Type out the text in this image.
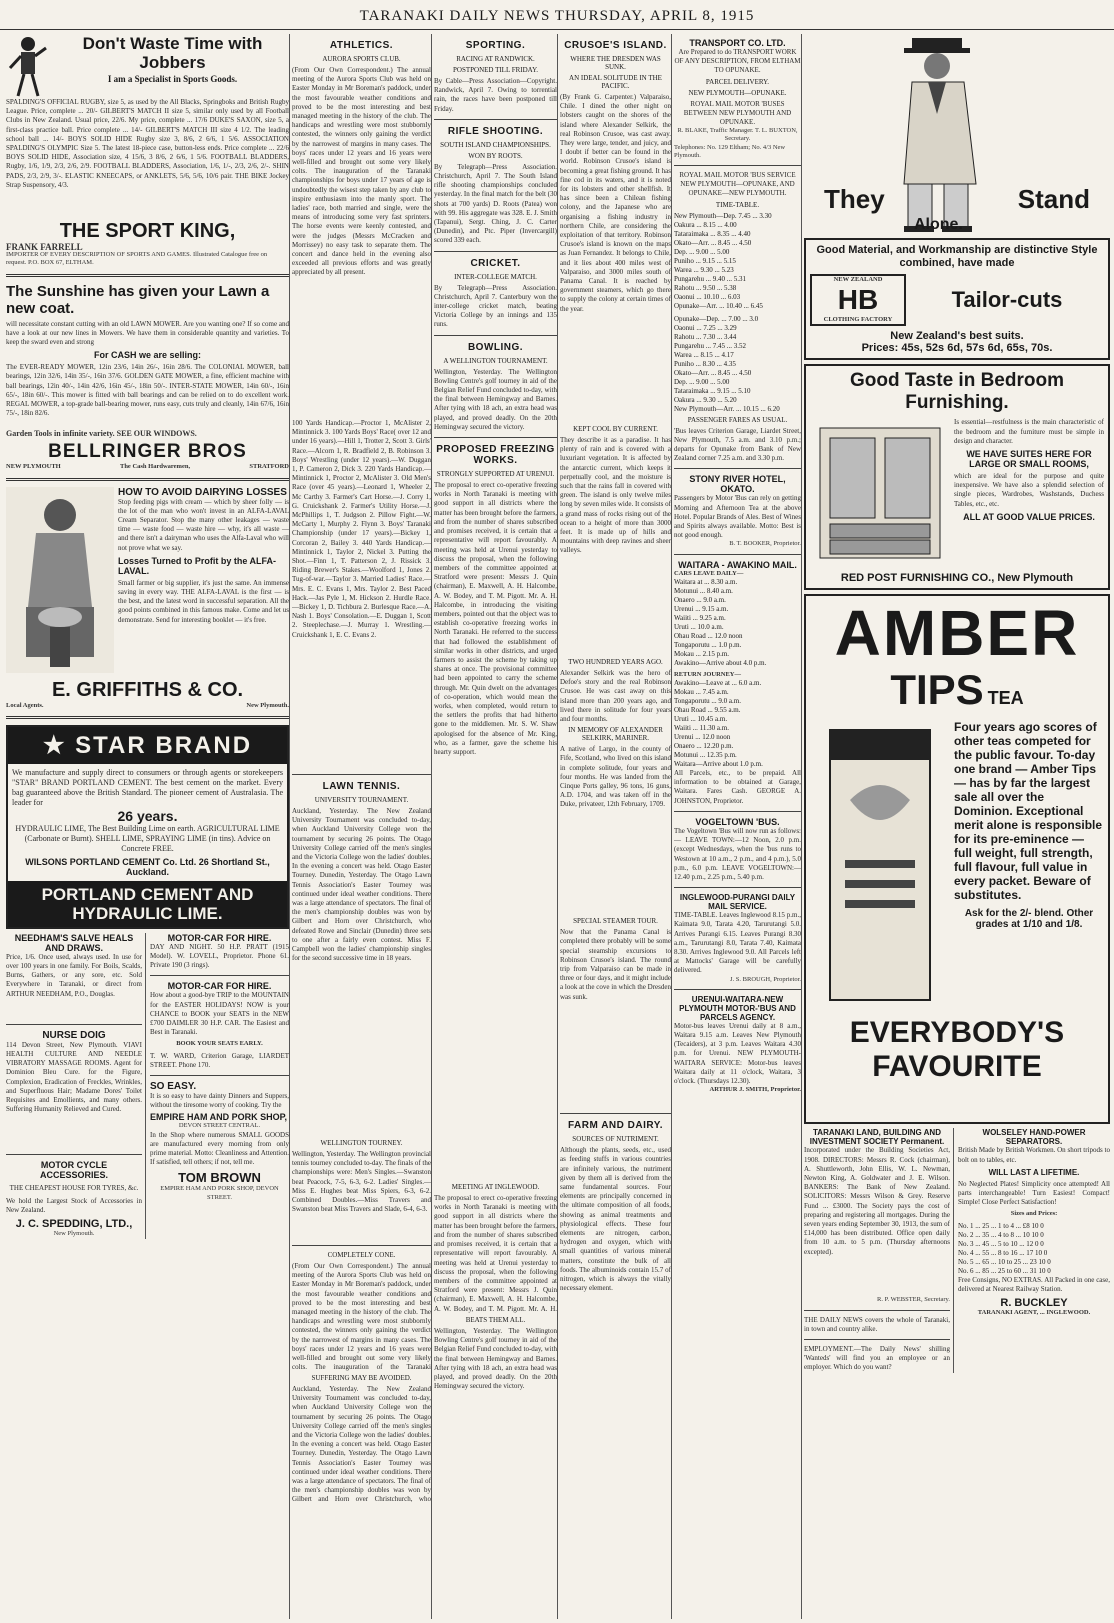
TARANAKI DAILY NEWS THURSDAY, APRIL 8, 1915
Don't Waste Time with Jobbers
I am a Specialist in Sports Goods.
SPALDING'S OFFICIAL RUGBY, size 5, as used by the All Blacks, Springboks and British Rugby League. Price, complete ... 20/- GILBERT'S MATCH II size 5, similar only used by all Football Clubs in New Zealand. Usual price, 22/6. My price, complete ... 17/6 DUKE'S SAXON, size 5, a first-class practice ball. Price complete ... 14/- GILBERT'S MATCH III size 4 1/2. The leading school ball ... 14/- BOYS SOLID HIDE Rugby size 3, 8/6, 2 6/6, 1 5/6. ASSOCIATION SPALDING'S OLYMPIC Size 5. The latest 18-piece case, button-less ends. Price complete ... 22/6 BOYS SOLID HIDE, Association size, 4 15/6, 3 8/6, 2 6/6, 1 5/6. FOOTBALL BLADDERS, Rugby, 1/6, 1/9, 2/3, 2/6, 2/9. FOOTBALL BLADDERS, Association, 1/6, 1/-, 2/3, 2/6, 2/-. SHIN PADS, 2/3, 2/9, 3/-. ELASTIC KNEECAPS, or ANKLETS, 5/6, 5/6, 10/6 pair. THE BIKE Jockey Strap Suspensory, 4/3.
THE SPORT KING,
FRANK FARRELL
IMPORTER OF EVERY DESCRIPTION OF SPORTS AND GAMES. Illustrated Catalogue free on request. P.O. BOX 67, ELTHAM.
The Sunshine has given your Lawn a new coat.
will necessitate constant cutting with an old LAWN MOWER. Are you wanting one? If so come and have a look at our new lines in Mowers. We have them in considerable quantity and varieties. To keep the sward even and strong
For CASH we are selling:
The EVER-READY MOWER, 12in 23/6, 14in 26/-, 16in 28/6. The COLONIAL MOWER, ball bearings, 12in 32/6, 14in 35/-, 16in 37/6. GOLDEN GATE MOWER, a fine, efficient machine with ball bearings, 12in 40/-, 14in 42/6, 16in 45/-, 18in 50/-. INTER-STATE MOWER, 14in 60/-, 16in 65/-, 18in 60/-. This mower is fitted with ball bearings and can be relied on to do excellent work. REGAL MOWER, a top-grade ball-bearing mower, runs easy, cuts truly and cleanly, 14in 67/6, 16in 75/-, 18in 82/6.
Garden Tools in infinite variety. SEE OUR WINDOWS.
BELLRINGER BROS
NEW PLYMOUTH	The Cash Hardwaremen,	STRATFORD
HOW TO AVOID DAIRYING LOSSES
Stop feeding pigs with cream — which by sheer folly — is the lot of the man who won't invest in an ALFA-LAVAL Cream Separator. Stop the many other leakages — waste time — waste food — waste hire — why, it's all waste — and there isn't a dairyman who uses the Alfa-Laval who will not prove what we say.
Losses Turned to Profit by the ALFA-LAVAL.
Small farmer or big supplier, it's just the same. An immense saving in every way. THE ALFA-LAVAL is the first — is the best, and the latest word in successful separation. All the good points combined in this famous make. Come and let us demonstrate. Send for interesting booklet — it's free.
E. GRIFFITHS & CO.
Local Agents.	New Plymouth.
★ STAR BRAND
We manufacture and supply direct to consumers or through agents or storekeepers "STAR" BRAND PORTLAND CEMENT. The best cement on the market. Every bag guaranteed above the British Standard. The pioneer cement of Australasia. The leader for
26 years.
HYDRAULIC LIME, The Best Building Lime on earth. AGRICULTURAL LIME (Carbonate or Burnt). SHELL LIME, SPRAYING LIME (in tins). Advice on Concrete FREE.
WILSONS PORTLAND CEMENT Co. Ltd. 26 Shortland St., Auckland.
PORTLAND CEMENT AND HYDRAULIC LIME.
NEEDHAM'S SALVE HEALS AND DRAWS.
Price, 1/6. Once used, always used. In use for over 100 years in one family. For Boils, Scalds, Burns, Gathers, or any sore, etc. Sold Everywhere in Taranaki, or direct from ARTHUR NEEDHAM, P.O., Douglas.
NURSE DOIG
114 Devon Street, New Plymouth. VIAVI HEALTH CULTURE AND NEEDLE VIBRATORY MASSAGE ROOMS. Agent for Dominion Bleu Cure. for the Figure, Complexion, Eradication of Freckles, Wrinkles, and Superfluous Hair; Madame Dores' Toilet Requisites and Emollients, and many others. Suffering Humanity Relieved and Cured.
MOTOR CYCLE ACCESSORIES.
THE CHEAPEST HOUSE FOR TYRES, &c.
We hold the Largest Stock of Accessories in New Zealand.
J. C. SPEDDING, LTD.,
New Plymouth.
MOTOR-CAR FOR HIRE.
DAY AND NIGHT. 50 H.P. PRATT (1915 Model). W. LOVELL, Proprietor. Phone 61. Private 190 (3 rings).
MOTOR-CAR FOR HIRE.
How about a good-bye TRIP to the MOUNTAIN for the EASTER HOLIDAYS! NOW is your CHANCE to BOOK your SEATS in the NEW £700 DAIMLER 30 H.P. CAR. The Easiest and Best in Taranaki.
BOOK YOUR SEATS EARLY.
T. W. WARD, Criterion Garage, LIARDET STREET. Phone 170.
SO EASY.
It is so easy to have dainty Dinners and Suppers, without the tiresome worry of cooking. Try the
EMPIRE HAM AND PORK SHOP,
DEVON STREET CENTRAL.
In the Shop where numerous SMALL GOODS are manufactured every morning from only prime material. Motto: Cleanliness and Attention. If satisfied, tell others; if not, tell me.
TOM BROWN
EMPIRE HAM AND PORK SHOP, DEVON STREET.
ATHLETICS.
AURORA SPORTS CLUB.
(From Our Own Correspondent.) The annual meeting of the Aurora Sports Club was held on Easter Monday in Mr Boreman's paddock, under the most favourable weather conditions and proved to be the most interesting and best managed meeting in the history of the club. The handicaps and wrestling were most stubbornly contested, the winners only gaining the verdict by the narrowest of margins in many cases. The boys' races under 12 years and 16 years were well-filled and brought out some very likely colts. The inauguration of the Taranaki championships for boys under 17 years of age is undoubtedly the wisest step taken by any club to inspire enthusiasm into the manly sport. The ladies' race, both married and single, were the means of introducing some very fast sprinters. The horse events were keenly contested, and were the judges (Messrs McCracken and Morrissey) no easy task to separate them. The concert and dance held in the evening also exceeded all previous efforts and was greatly appreciated by all present.
100 Yards Handicap.—Proctor 1, McAlister 2, Mintinnick 3. 100 Yards Boys' Race( over 12 and under 16 years).—Hill 1, Trotter 2, Scott 3. Girls' Race.—Alcorn 1, R. Bradfield 2, B. Robinson 3. Boys' Wrestling (under 12 years).—W. Duggan 1, P. Cameron 2, Dick 3. 220 Yards Handicap.—Mintinnick 1, Proctor 2, McAlister 3. Old Men's Race (over 45 years).—Leonard 1, Wheeler 2, Mc Carthy 3. Farmer's Cart Horse.—J. Corry 1, G. Cruickshank 2. Farmer's Utility Horse.—J. McPhillips 1, T. Judgson 2. Pillow Fight.—W. McCarty 1, Murphy 2. Flynn 3. Boys' Taranaki Championship (under 17 years).—Bickey 1, Corcoran 2, Bailey 3. 440 Yards Handicap.—Mintinnick 1, Taylor 2, Nickel 3. Putting the Shot.—Finn 1, T. Patterson 2, J. Rissick 3. Riding Brewer's Stakes.—Woolford 1, Jones 2. Tug-of-war.—Taylor 3. Married Ladies' Race.—Mrs. E. C. Evans 1, Mrs. Taylor 2. Best Paced Hack.—Jas Pyle 1, M. Hickson 2. Hurdle Race.—Bickey 1, D. Tichbura 2. Burlesque Race.—A. Nash 1. Boys' Consolation.—E. Duggan 1, Scott 2. Steeplechase.—J. Murray 1. Wrestling.—Cruickshank 1, E. C. Evans 2.
LAWN TENNIS.
UNIVERSITY TOURNAMENT.
Auckland, Yesterday. The New Zealand University Tournament was concluded to-day, when Auckland University College won the tournament by securing 26 points. The Otago University College carried off the men's singles and the Victoria College won the ladies' doubles. In the evening a concert was held. Otago Easter Tourney. Dunedin, Yesterday. The Otago Lawn Tennis Association's Easter Tourney was continued under ideal weather conditions. There was a large attendance of spectators. The final of the men's championship doubles was won by Gilbert and Horn over Christchurch, who defeated Rowe and Sinclair (Dunedin) three sets to one after a fairly even contest. Miss F. Campbell won the ladies' championship singles for the second successive time in 18 years.
WELLINGTON TOURNEY.
Wellington, Yesterday. The Wellington provincial tennis tourney concluded to-day. The finals of the championships were: Men's Singles.—Swanston beat Peacock, 7-5, 6-3, 6-2. Ladies' Singles.—Miss E. Hughes beat Miss Spiers, 6-3, 6-2. Combined Doubles.—Miss Travers and Swanston beat Miss Travers and Slade, 6-4, 6-3.
COMPLETELY CONE.
(From Our Own Correspondent.) The annual meeting of the Aurora Sports Club was held on Easter Monday in Mr Boreman's paddock, under the most favourable weather conditions and proved to be the most interesting and best managed meeting in the history of the club. The handicaps and wrestling were most stubbornly contested, the winners only gaining the verdict by the narrowest of margins in many cases. The boys' races under 12 years and 16 years were well-filled and brought out some very likely colts. The inauguration of the Taranaki
SUFFERING MAY BE AVOIDED.
Auckland, Yesterday. The New Zealand University Tournament was concluded to-day, when Auckland University College won the tournament by securing 26 points. The Otago University College carried off the men's singles and the Victoria College won the ladies' doubles. In the evening a concert was held. Otago Easter Tourney. Dunedin, Yesterday. The Otago Lawn Tennis Association's Easter Tourney was continued under ideal weather conditions. There was a large attendance of spectators. The final of the men's championship doubles was won by Gilbert and Horn over Christchurch, who
SPORTING.
RACING AT RANDWICK.
POSTPONED TILL FRIDAY.
By Cable—Press Association—Copyright. Randwick, April 7. Owing to torrential rain, the races have been postponed till Friday.
RIFLE SHOOTING.
SOUTH ISLAND CHAMPIONSHIPS.
WON BY ROOTS.
By Telegraph—Press Association. Christchurch, April 7. The South Island rifle shooting championships concluded yesterday. In the final match for the belt (30 shots at 700 yards) D. Roots (Patea) won with 99. His aggregate was 328. E. J. Smith (Tapanui), Sergt. Ching, J. C. Carter (Dunedin), and Ptc. Piper (Invercargill) scored 339 each.
CRICKET.
INTER-COLLEGE MATCH.
By Telegraph—Press Association. Christchurch, April 7. Canterbury won the inter-college cricket match, beating Victoria College by an innings and 135 runs.
BOWLING.
A WELLINGTON TOURNAMENT.
Wellington, Yesterday. The Wellington Bowling Centre's golf tourney in aid of the Belgian Relief Fund concluded to-day, with the final between Hemingway and Barnes. After tying with 18 ach, an extra head was played, and proved deadly. On the 20th Hemingway secured the victory.
PROPOSED FREEZING WORKS.
STRONGLY SUPPORTED AT URENUI.
The proposal to erect co-operative freezing works in North Taranaki is meeting with good support in all districts where the matter has been brought before the farmers, and from the number of shares subscribed and promises received, it is certain that a representative will report favourably. A meeting was held at Urenui yesterday to discuss the proposal, when the following members of the committee appointed at Stratford were present: Messrs J. Quin (chairman), E. Maxwell, A. H. Halcombe, A. W. Bodey, and T. M. Pigott. Mr. A. H. Halcombe, in introducing the visiting members, pointed out that the object was to establish co-operative freezing works in North Taranaki. He referred to the success that had followed the establishment of similar works in other districts, and urged farmers to assist the scheme by taking up shares at once. The provisional committee had been appointed to carry the scheme through. Mr. Quin dwelt on the advantages of co-operation, which would mean the works, when completed, would return to the settlers the profits that had hitherto gone to the middlemen. Mr. S. W. Shaw apologised for the absence of Mr. King, who, as a farmer, gave the scheme his hearty support.
MEETING AT INGLEWOOD.
The proposal to erect co-operative freezing works in North Taranaki is meeting with good support in all districts where the matter has been brought before the farmers, and from the number of shares subscribed and promises received, it is certain that a representative will report favourably. A meeting was held at Urenui yesterday to discuss the proposal, when the following members of the committee appointed at Stratford were present: Messrs J. Quin (chairman), E. Maxwell, A. H. Halcombe, A. W. Bodey, and T. M. Pigott. Mr. A. H.
BEATS THEM ALL.
Wellington, Yesterday. The Wellington Bowling Centre's golf tourney in aid of the Belgian Relief Fund concluded to-day, with the final between Hemingway and Barnes. After tying with 18 ach, an extra head was played, and proved deadly. On the 20th Hemingway secured the victory.
CRUSOE'S ISLAND.
WHERE THE DRESDEN WAS SUNK.
AN IDEAL SOLITUDE IN THE PACIFIC.
(By Frank G. Carpenter.) Valparaiso, Chile. I dined the other night on lobsters caught on the shores of the island where Alexander Selkirk, the real Robinson Crusoe, was cast away. They were large, tender, and juicy, and I doubt if better can be found in the world. Robinson Crusoe's island is becoming a great fishing ground. It has fine cod in its waters, and it is noted for its lobsters and other shellfish. It has since been a Chilean fishing colony, and the Japanese who are organising a fishing industry in northern Chile, are considering the exploitation of that territory. Robinson Crusoe's island is known on the maps as Juan Fernandez. It belongs to Chile, and it lies about 400 miles west of Valparaiso, and 3000 miles south of Panama Canal. It is reached by government steamers, which go there to supply the colony at certain times of the year.
KEPT COOL BY CURRENT.
They describe it as a paradise. It has plenty of rain and is covered with a luxuriant vegetation. It is affected by the antarctic current, which keeps it perpetually cool, and the moisture is such that the rains fall in covered with green. The island is only twelve miles long by seven miles wide. It consists of a grand mass of rocks rising out of the ocean to a height of more than 3000 feet. It is made up of hills and mountains with deep ravines and sheer valleys.
TWO HUNDRED YEARS AGO.
Alexander Selkirk was the hero of Defoe's story and the real Robinson Crusoe. He was cast away on this island more than 200 years ago, and lived there in solitude for four years and four months.
IN MEMORY OF ALEXANDER SELKIRK, MARINER.
A native of Largo, in the county of Fife, Scotland, who lived on this island in complete solitude, four years and four months. He was landed from the Cinque Ports galley, 96 tons, 16 guns, A.D. 1704, and was taken off in the Duke, privateer, 12th February, 1709.
SPECIAL STEAMER TOUR.
Now that the Panama Canal is completed there probably will be some special steamship excursions to Robinson Crusoe's island. The round trip from Valparaiso can be made in three or four days, and it might include a look at the cove in which the Dresden was sunk.
FARM AND DAIRY.
SOURCES OF NUTRIMENT.
Although the plants, seeds, etc., used as feeding stuffs in various countries are infinitely various, the nutriment given by them all is derived from the same fundamental sources. Four elements are principally concerned in the ultimate composition of all foods, showing as animal treatments and physiological effects. These four elements are nitrogen, carbon, hydrogen and oxygen, which with small quantities of various mineral matters, constitute the bulk of all foods. The albuminoids contain 15.7 of nitrogen, which is always the vitally necessary element.
TRANSPORT CO. LTD.
Are Prepared to do TRANSPORT WORK OF ANY DESCRIPTION, FROM ELTHAM TO OPUNAKE.
PARCEL DELIVERY.
NEW PLYMOUTH—OPUNAKE.
ROYAL MAIL MOTOR 'BUSES BETWEEN NEW PLYMOUTH AND OPUNAKE.
R. BLAKE, Traffic Manager. T. L. BUXTON, Secretary.
Telephones: No. 129 Eltham; No. 4/3 New Plymouth.
ROYAL MAIL MOTOR 'BUS SERVICE NEW PLYMOUTH—OPUNAKE, AND OPUNAKE—NEW PLYMOUTH.
TIME-TABLE.
New Plymouth—Dep. 7.45 ... 3.30
Oakura ... 8.15 ... 4.00
Tataraimaka ... 8.35 ... 4.40
Okato—Arr. ... 8.45 ... 4.50
Dep. ... 9.00 ... 5.00
Puniho ... 9.15 ... 5.15
Warea ... 9.30 ... 5.23
Pungarehu ... 9.40 ... 5.31
Rahotu ... 9.50 ... 5.38
Oaonui ... 10.10 ... 6.03
Opunake—Arr. ... 10.40 ... 6.45
Opunake—Dep. ... 7.00 ... 3.0
Oaonui ... 7.25 ... 3.29
Rahotu ... 7.30 ... 3.44
Pungarehu ... 7.45 ... 3.52
Warea ... 8.15 ... 4.17
Puniho ... 8.30 ... 4.35
Okato—Arr. ... 8.45 ... 4.50
Dep. ... 9.00 ... 5.00
Tataraimaka ... 9.15 ... 5.10
Oakura ... 9.30 ... 5.20
New Plymouth—Arr. ... 10.15 ... 6.20
PASSENGER FARES AS USUAL.
'Bus leaves Criterion Garage, Liardet Street, New Plymouth, 7.5 a.m. and 3.10 p.m.; departs for Opunake from Bank of New Zealand corner 7.25 a.m. and 3.30 p.m.
STONY RIVER HOTEL, OKATO.
Passengers by Motor 'Bus can rely on getting Morning and Afternoon Tea at the above Hotel. Popular Brands of Ales. Best of Wines and Spirits always available. Motto: Best is not good enough.
B. T. BOOKER, Proprietor.
WAITARA - AWAKINO MAIL.
CARS LEAVE DAILY—
Waitara at ... 8.30 a.m.
Motunui ... 8.40 a.m.
Onaero ... 9.0 a.m.
Urenui ... 9.15 a.m.
Waiiti ... 9.25 a.m.
Uruti ... 10.0 a.m.
Ohau Road ... 12.0 noon
Tongaporutu ... 1.0 p.m.
Mokau ... 2.15 p.m.
Awakino—Arrive about 4.0 p.m.
RETURN JOURNEY—
Awakino—Leave at ... 6.0 a.m.
Mokau ... 7.45 a.m.
Tongaporutu ... 9.0 a.m.
Ohau Road ... 9.55 a.m.
Uruti ... 10.45 a.m.
Waiiti ... 11.30 a.m.
Urenui ... 12.0 noon
Onaero ... 12.20 p.m.
Motunui ... 12.35 p.m.
Waitara—Arrive about 1.0 p.m.
All Parcels, etc., to be prepaid. All information to be obtained at Garage, Waitara. Fares Cash. GEORGE A. JOHNSTON, Proprietor.
VOGELTOWN 'BUS.
The Vogeltown 'Bus will now run as follows:— LEAVE TOWN:—12 Noon, 2.0 p.m. (except Wednesdays, when the 'bus runs to Westown at 10 a.m., 2 p.m., and 4 p.m.), 5.0 p.m., 6.0 p.m. LEAVE VOGELTOWN:—12.40 p.m., 2.25 p.m., 5.40 p.m.
INGLEWOOD-PURANGI DAILY MAIL SERVICE.
TIME-TABLE. Leaves Inglewood 8.15 p.m., Kaimata 9.0, Tarata 4.20, Tarurutangi 5.0. Arrives Purangi 6.15. Leaves Purangi 8.30 a.m., Tarurutangi 8.0, Tarata 7.40, Kaimata 8.30. Arrives Inglewood 9.0. All Parcels left at Mattocks' Garage will be carefully delivered.
J. S. BROUGH, Proprietor.
URENUI-WAITARA-NEW PLYMOUTH MOTOR-'BUS AND PARCELS AGENCY.
Motor-bus leaves Urenui daily at 8 a.m., Waitara 9.15 a.m. Leaves New Plymouth (Tecaiders), at 3 p.m. Leaves Waitara 4.30 p.m. for Urenui. NEW PLYMOUTH-WAITARA SERVICE: Motor-bus leaves Waitara daily at 11 o'clock, Waitara, 3 o'clock. (Thursdays 12.30).
ARTHUR J. SMITH, Proprietor.
They	Stand
Alone.
Good Material, and Workmanship are distinctive Style combined, have made
NEW ZEALAND
HB
CLOTHING FACTORY
Tailor-cuts
New Zealand's best suits.
Prices: 45s, 52s 6d, 57s 6d, 65s, 70s.
Good Taste in Bedroom Furnishing.
Is essential—restfulness is the main characteristic of the bedroom and the furniture must be simple in design and character.
WE HAVE SUITES HERE FOR LARGE OR SMALL ROOMS,
which are ideal for the purpose and quite inexpensive. We have also a splendid selection of single pieces, Wardrobes, Washstands, Duchess Tables, etc., etc.
ALL AT GOOD VALUE PRICES.
RED POST FURNISHING CO., New Plymouth
AMBER
TIPS TEA
Four years ago scores of other teas competed for the public favour. To-day one brand — Amber Tips — has by far the largest sale all over the Dominion. Exceptional merit alone is responsible for its pre-eminence — full weight, full strength, full flavour, full value in every packet. Beware of substitutes.
Ask for the 2/- blend. Other grades at 1/10 and 1/8.
EVERYBODY'S
FAVOURITE
TARANAKI LAND, BUILDING AND INVESTMENT SOCIETY Permanent.
Incorporated under the Building Societies Act, 1908. DIRECTORS: Messrs R. Cock (chairman), A. Shuttleworth, John Ellis, W. L. Newman, Newton King, A. Goldwater and J. E. Wilson. BANKERS: The Bank of New Zealand. SOLICITORS: Messrs Wilson & Grey. Reserve Fund ... £3000. The Society pays the cost of preparing and registering all mortgages. During the seven years ending September 30, 1913, the sum of £14,000 has been distributed. Office open daily from 10 a.m. to 5 p.m. (Thursday afternoons excepted).
R. P. WEBSTER, Secretary.
THE DAILY NEWS covers the whole of Taranaki, in town and country alike.
EMPLOYMENT.—The Daily News' shilling 'Wanteds' will find you an employee or an employer. Which do you want?
WOLSELEY HAND-POWER SEPARATORS.
British Made by British Workmen. On short tripods to bolt on to tables, etc.
WILL LAST A LIFETIME.
No Neglected Plates! Simplicity once attempted! All parts interchangeable! Turn Easiest! Compact! Simple! Close Perfect Satisfaction!
Sizes and Prices:
No. 1 ... 25 ... 1 to 4 ... £8 10 0
No. 2 ... 35 ... 4 to 8 ... 10 10 0
No. 3 ... 45 ... 5 to 10 ... 12 0 0
No. 4 ... 55 ... 8 to 16 ... 17 10 0
No. 5 ... 65 ... 10 to 25 ... 23 10 0
No. 6 ... 85 ... 25 to 60 ... 31 10 0
Free Consigns, NO EXTRAS. All Packed in one case, delivered at Nearest Railway Station.
R. BUCKLEY
TARANAKI AGENT, ... INGLEWOOD.
